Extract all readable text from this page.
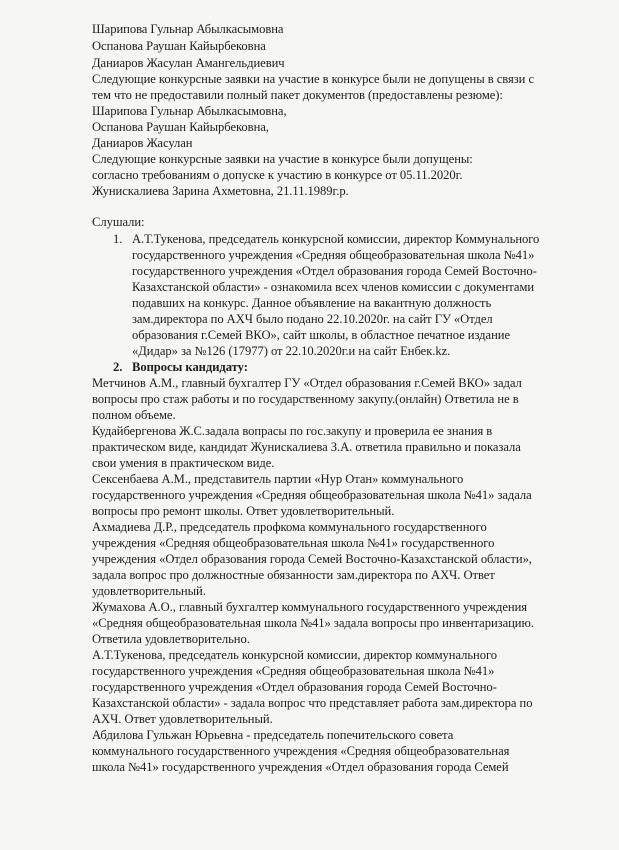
Шарипова Гульнар Абылкасымовна
Оспанова Раушан Кайырбековна
Даниаров Жасулан Амангельдиевич
Следующие конкурсные заявки на участие в конкурсе были не допущены в связи с
тем что не предоставили полный пакет документов (предоставлены резюме):
Шарипова Гульнар Абылкасымовна,
Оспанова Раушан Кайырбековна,
Даниаров Жасулан
Следующие конкурсные заявки на участие в конкурсе были допущены:
согласно требованиям о допуске к участию в конкурсе от 05.11.2020г.
Жунискалиева Зарина Ахметовна, 21.11.1989г.р.
Слушали:
1. А.Т.Тукенова, председатель конкурсной комиссии, директор Коммунального
государственного учреждения «Средняя общеобразовательная школа №41»
государственного учреждения «Отдел образования города Семей Восточно-
Казахстанской области» - ознакомила всех членов комиссии с документами
подавших на конкурс. Данное объявление на вакантную должность
зам.директора по АХЧ было подано 22.10.2020г. на сайт ГУ «Отдел
образования г.Семей ВКО», сайт школы, в областное печатное издание
«Дидар» за №126 (17977) от 22.10.2020г.и на сайт Енбек.kz.
2. Вопросы кандидату:
Метчинов А.М., главный бухгалтер ГУ «Отдел образования г.Семей ВКО» задал
вопросы про стаж работы и по государственному закупу.(онлайн) Ответила не в
полном объеме.
Кудайбергенова Ж.С.задала вопрасы по гос.закупу и проверила ее знания в
практическом виде, кандидат Жунискалиева З.А. ответила правильно и показала
свои умения в практическом виде.
Сексенбаева А.М., представитель партии «Нур Отан» коммунального
государственного учреждения «Средняя общеобразовательная школа №41» задала
вопросы про ремонт школы. Ответ удовлетворительный.
Ахмадиева Д.Р., председатель профкома коммунального государственного
учреждения «Средняя общеобразовательная школа №41» государственного
учреждения «Отдел образования города Семей Восточно-Казахстанской области»,
задала вопрос про должностные обязанности зам.директора по АХЧ. Ответ
удовлетворительный.
Жумахова А.О., главный бухгалтер коммунального государственного учреждения
«Средняя общеобразовательная школа №41» задала вопросы про инвентаризацию.
Ответила удовлетворительно.
А.Т.Тукенова, председатель конкурсной комиссии, директор коммунального
государственного учреждения «Средняя общеобразовательная школа №41»
государственного учреждения «Отдел образования города Семей Восточно-
Казахстанской области» - задала вопрос что представляет работа зам.директора по
АХЧ. Ответ удовлетворительный.
Абдилова Гульжан Юрьевна - председатель попечительского совета
коммунального государственного учреждения «Средняя общеобразовательная
школа №41» государственного учреждения «Отдел образования города Семей
